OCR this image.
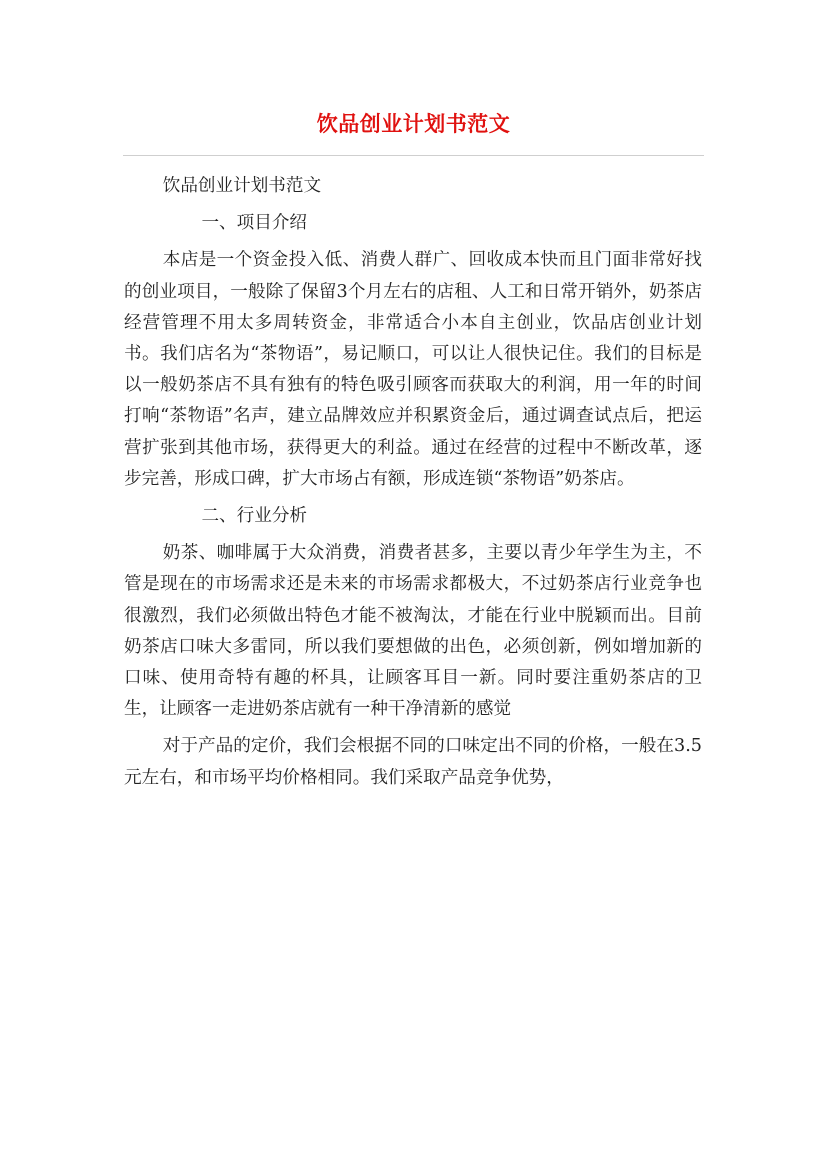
饮品创业计划书范文

饮品创业计划书范文

一、项目介绍

本店是一个资金投入低、消费人群广、回收成本快而且门面非常好找的创业项目，一般除了保留3个月左右的店租、人工和日常开销外，奶茶店经营管理不用太多周转资金，非常适合小本自主创业，饮品店创业计划书。我们店名为“茶物语”，易记顺口，可以让人很快记住。我们的目标是以一般奶茶店不具有独有的特色吸引顾客而获取大的利润，用一年的时间打响“茶物语”名声，建立品牌效应并积累资金后，通过调查试点后，把运营扩张到其他市场，获得更大的利益。通过在经营的过程中不断改革，逐步完善，形成口碑，扩大市场占有额，形成连锁“茶物语”奶茶店。

二、行业分析

奶茶、咖啡属于大众消费，消费者甚多，主要以青少年学生为主，不管是现在的市场需求还是未来的市场需求都极大，不过奶茶店行业竞争也很激烈，我们必须做出特色才能不被淘汰，才能在行业中脱颖而出。目前奶茶店口味大多雷同，所以我们要想做的出色，必须创新，例如增加新的口味、使用奇特有趣的杯具，让顾客耳目一新。同时要注重奶茶店的卫生，让顾客一走进奶茶店就有一种干净清新的感觉

对于产品的定价，我们会根据不同的口味定出不同的价格，一般在3.5元左右，和市场平均价格相同。我们采取产品竞争优势，
